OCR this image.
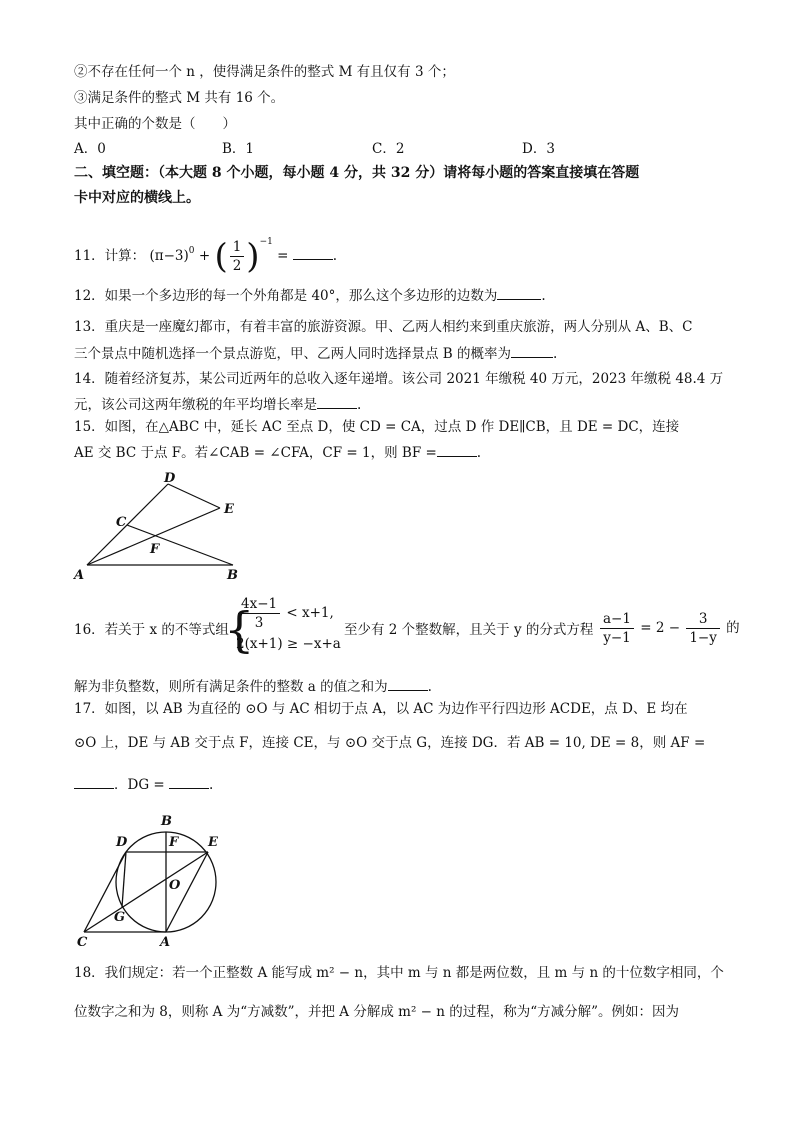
②不存在任何一个 n ，使得满足条件的整式 M 有且仅有 3 个；
③满足条件的整式 M 共有 16 个。
其中正确的个数是（　　）
A．0	B．1	C．2	D．3
二、填空题：（本大题 8 个小题，每小题 4 分，共 32 分）请将每小题的答案直接填在答题
卡中对应的横线上。
11．计算： $(\pi-3)^0$ + ( $\frac{1}{2} )^{-1}$ =	.
12．如果一个多边形的每一个外角都是 40°，那么这个多边形的边数为	.
13．重庆是一座魔幻都市，有着丰富的旅游资源。甲、乙两人相约来到重庆旅游，两人分别从 A、B、C
三个景点中随机选择一个景点游览，甲、乙两人同时选择景点 B 的概率为	.
14．随着经济复苏，某公司近两年的总收入逐年递增。该公司 2021 年缴税 40 万元，2023 年缴税 48.4 万
元，该公司这两年缴税的年平均增长率是	.
15．如图，在△ABC 中，延长 AC 至点 D，使 CD = CA，过点 D 作 DE∥CB，且 DE = DC，连接
AE 交 BC 于点 F。若∠CAB = ∠CFA，CF = 1，则 BF =	.
A	B
C
D
E
F
16．若关于 x 的不等式组
{
$\frac{4x-1}{3} < x+1$,
2(x+1) ≥ −x+a
至少有 2 个整数解，且关于 y 的分式方程 $\frac{a-1}{y-1} = 2 - \frac{3}{1-y}$ 的
解为非负整数，则所有满足条件的整数 a 的值之和为	.
17．如图，以 AB 为直径的 ⊙O 与 AC 相切于点 A，以 AC 为边作平行四边形 ACDE，点 D、E 均在
⊙O 上，DE 与 AB 交于点 F，连接 CE，与 ⊙O 交于点 G，连接 DG．若 AB = 10, DE = 8，则 AF =
．DG =	.
B
D	F E
O
G
C	A
18．我们规定：若一个正整数 A 能写成 m² − n，其中 m 与 n 都是两位数，且 m 与 n 的十位数字相同，个
位数字之和为 8，则称 A 为“方减数”，并把 A 分解成 m² − n 的过程，称为“方减分解”。例如：因为
